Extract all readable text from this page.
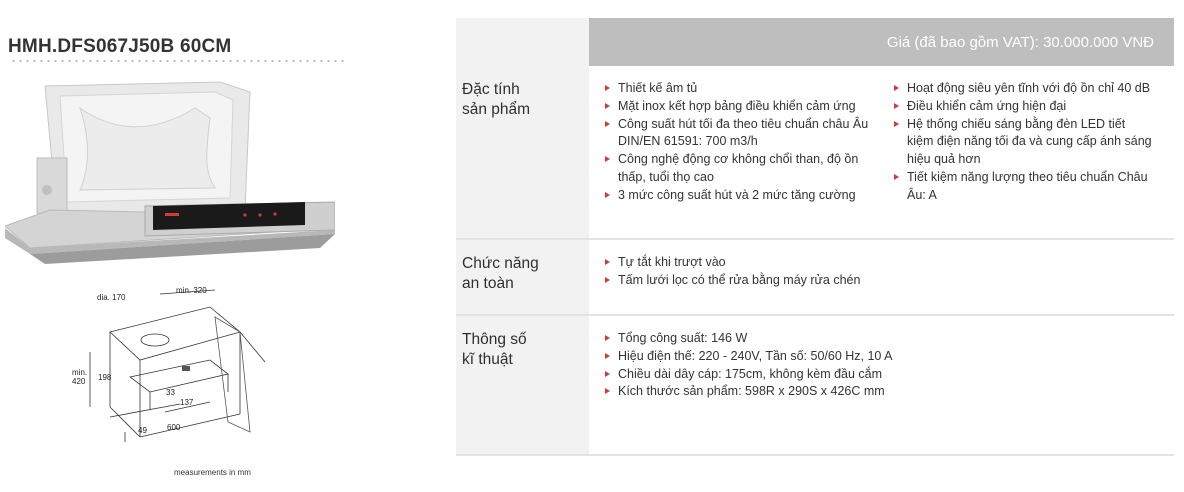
HMH.DFS067J50B 60CM
dia. 170
min. 320
min.
420 198
33
137
49	600
measurements in mm
Giá (đã bao gồm VAT): 30.000.000 VNĐ
Đặc tính
sản phẩm
Thiết kế âm tủ
Mặt inox kết hợp bảng điều khiển cảm ứng
Công suất hút tối đa theo tiêu chuẩn châu Âu DIN/EN 61591: 700 m3/h
Công nghệ động cơ không chổi than, độ ồn thấp, tuổi thọ cao
3 mức công suất hút và 2 mức tăng cường
Hoạt động siêu yên tĩnh với độ ồn chỉ 40 dB
Điều khiển cảm ứng hiện đại
Hệ thống chiếu sáng bằng đèn LED tiết kiệm điện năng tối đa và cung cấp ánh sáng hiệu quả hơn
Tiết kiệm năng lượng theo tiêu chuẩn Châu Âu: A
Chức năng
an toàn
Tự tắt khi trượt vào
Tấm lưới lọc có thể rửa bằng máy rửa chén
Thông số
kĩ thuật
Tổng công suất: 146 W
Hiệu điện thế: 220 - 240V, Tần số: 50/60 Hz, 10 A
Chiều dài dây cáp: 175cm, không kèm đầu cắm
Kích thước sản phẩm: 598R x 290S x 426C mm
